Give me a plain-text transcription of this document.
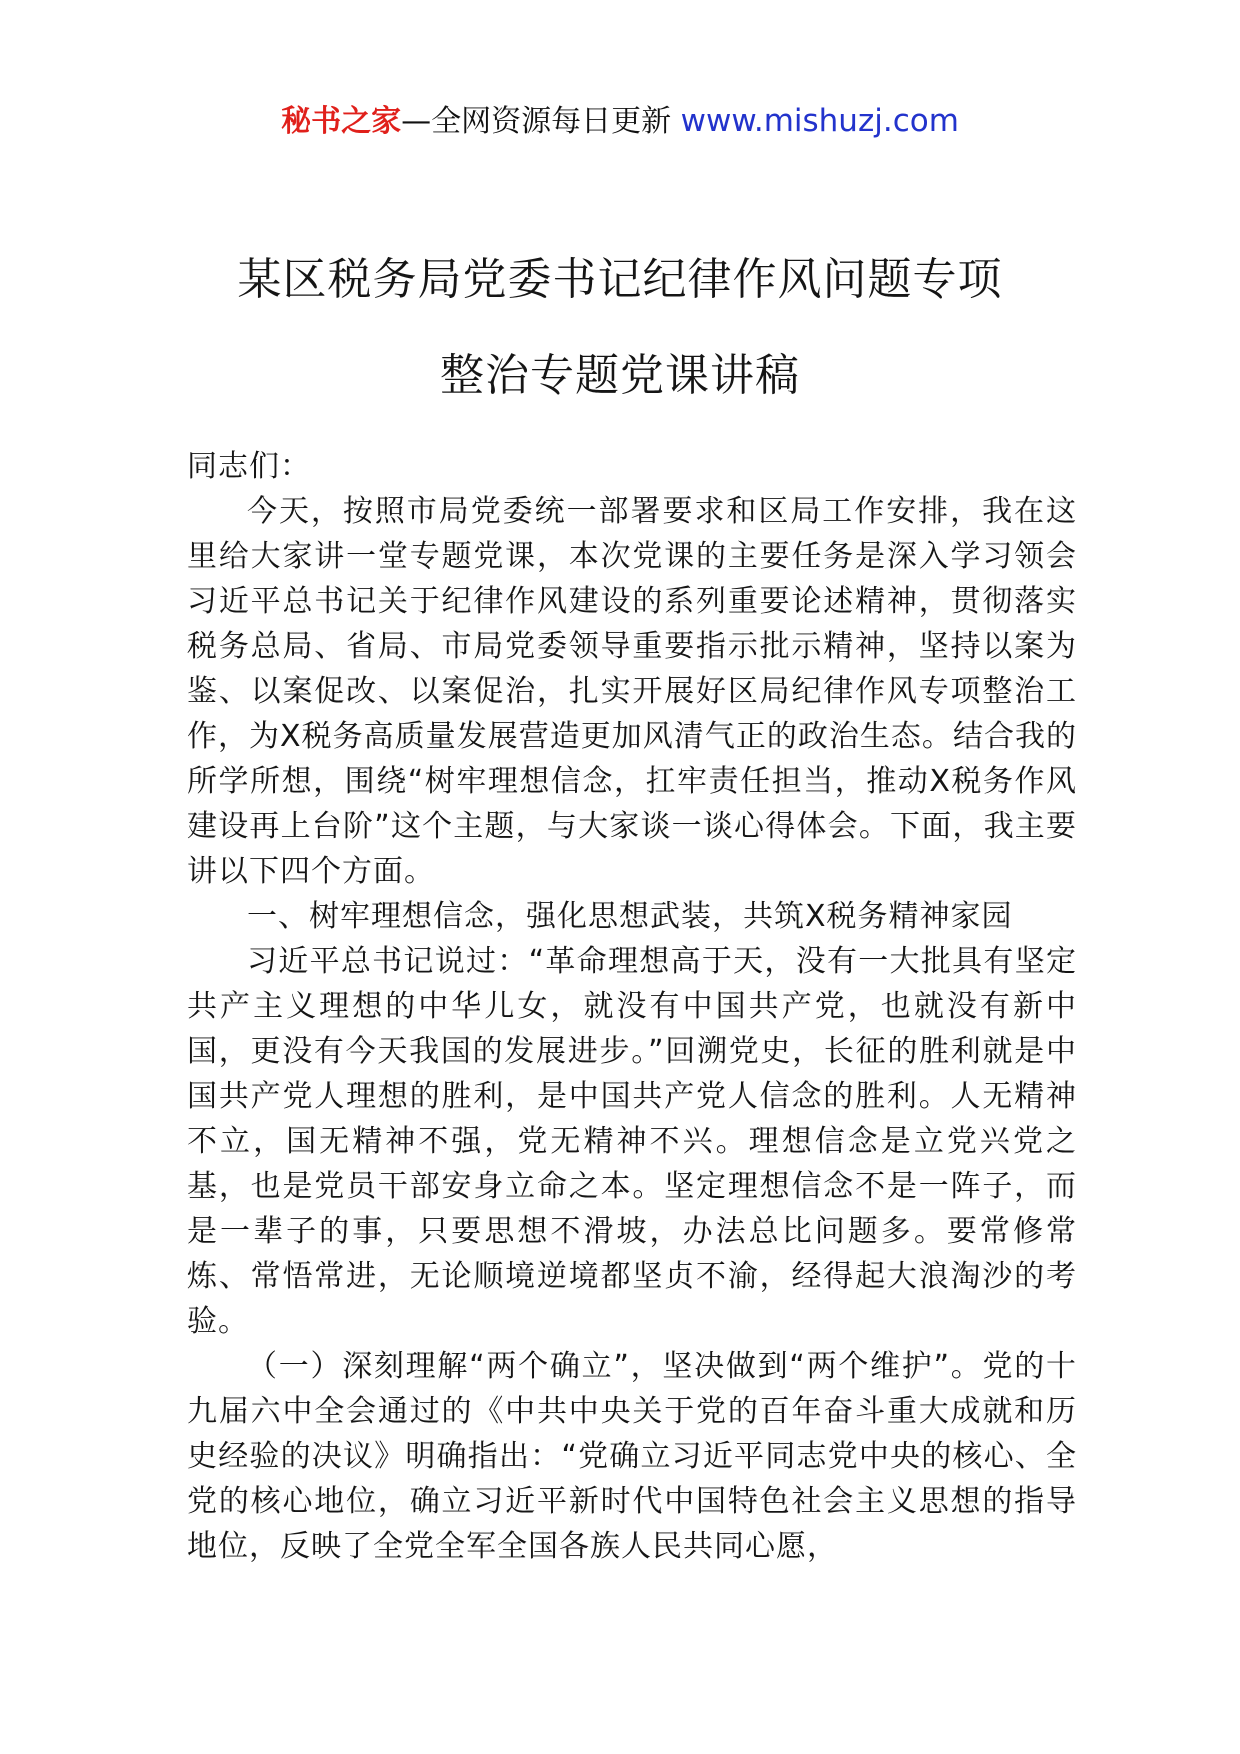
秘书之家—全网资源每日更新 www.mishuzj.com
某区税务局党委书记纪律作风问题专项
整治专题党课讲稿

同志们：

今天，按照市局党委统一部署要求和区局工作安排，我在这里给大家讲一堂专题党课，本次党课的主要任务是深入学习领会习近平总书记关于纪律作风建设的系列重要论述精神，贯彻落实税务总局、省局、市局党委领导重要指示批示精神，坚持以案为鉴、以案促改、以案促治，扎实开展好区局纪律作风专项整治工作，为X税务高质量发展营造更加风清气正的政治生态。结合我的所学所想，围绕“树牢理想信念，扛牢责任担当，推动X税务作风建设再上台阶”这个主题，与大家谈一谈心得体会。下面，我主要讲以下四个方面。

一、树牢理想信念，强化思想武装，共筑X税务精神家园

习近平总书记说过：“革命理想高于天，没有一大批具有坚定共产主义理想的中华儿女，就没有中国共产党，也就没有新中国，更没有今天我国的发展进步。”回溯党史，长征的胜利就是中国共产党人理想的胜利，是中国共产党人信念的胜利。人无精神不立，国无精神不强，党无精神不兴。理想信念是立党兴党之基，也是党员干部安身立命之本。坚定理想信念不是一阵子，而是一辈子的事，只要思想不滑坡，办法总比问题多。要常修常炼、常悟常进，无论顺境逆境都坚贞不渝，经得起大浪淘沙的考验。

（一）深刻理解“两个确立”，坚决做到“两个维护”。党的十九届六中全会通过的《中共中央关于党的百年奋斗重大成就和历史经验的决议》明确指出：“党确立习近平同志党中央的核心、全党的核心地位，确立习近平新时代中国特色社会主义思想的指导地位，反映了全党全军全国各族人民共同心愿，
